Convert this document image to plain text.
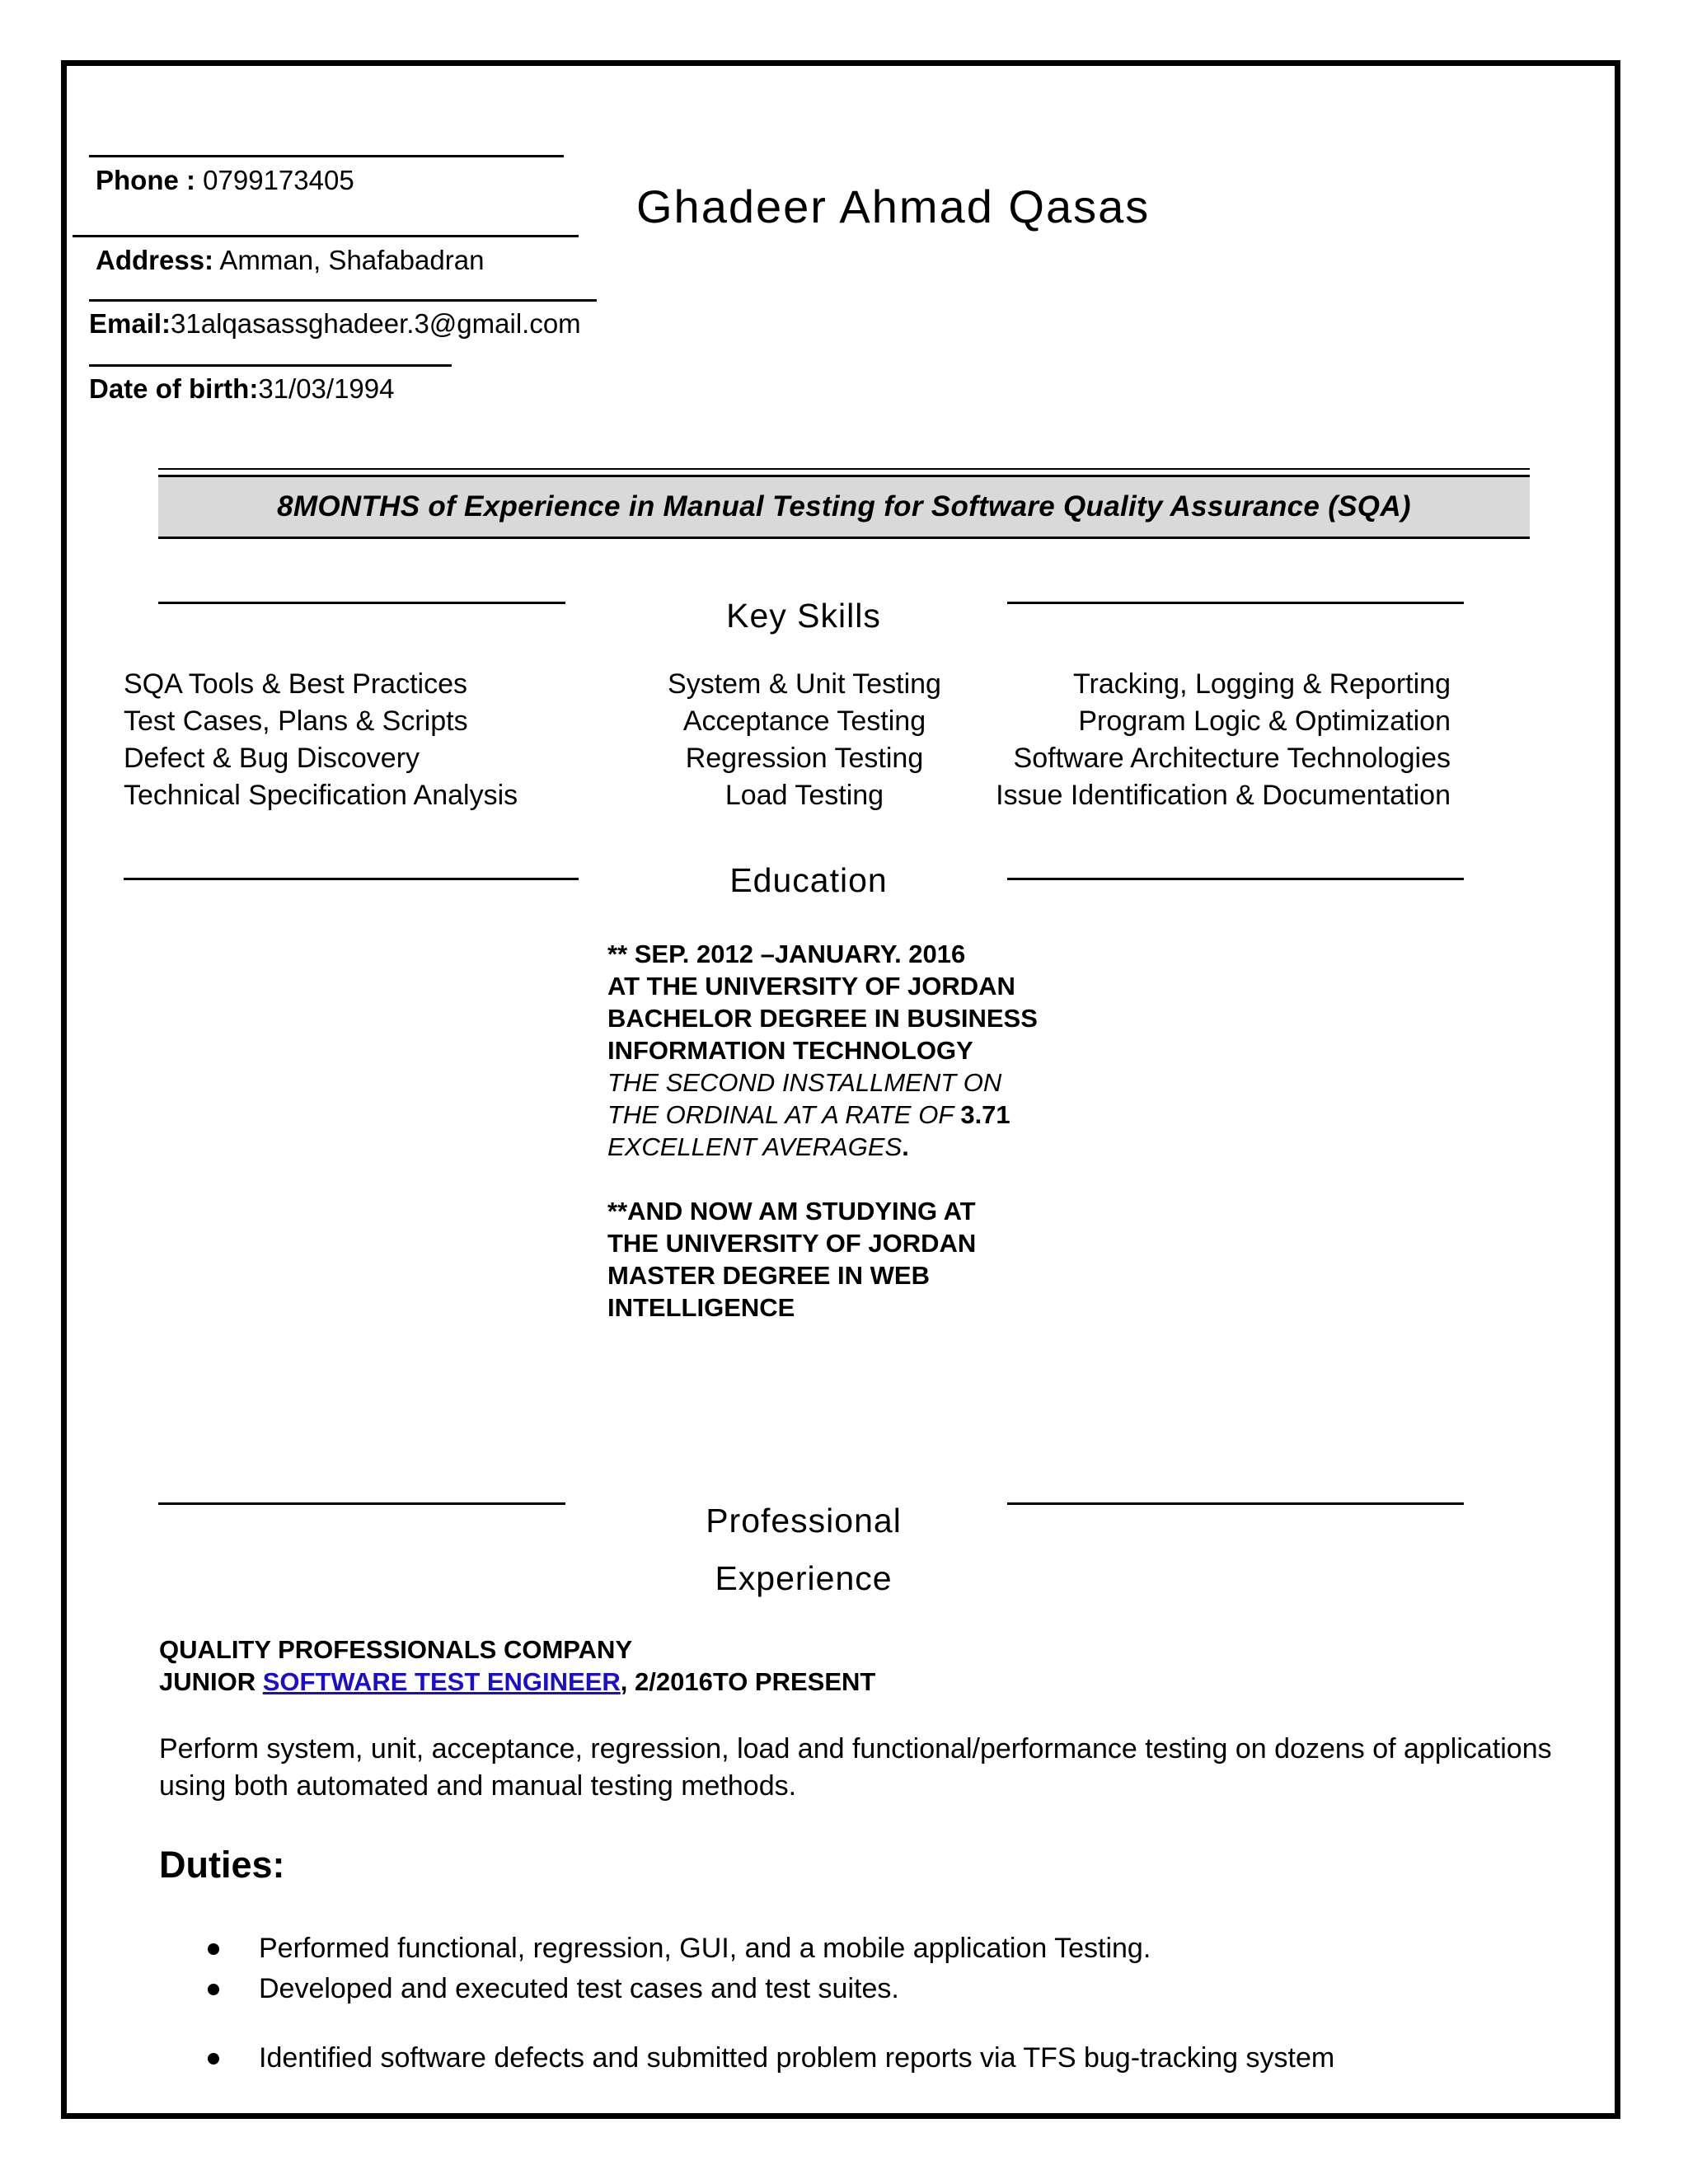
Phone : 0799173405
Address: Amman, Shafabadran
Email:31alqasassghadeer.3@gmail.com
Date of birth:31/03/1994
Ghadeer Ahmad Qasas
8MONTHS of Experience in Manual Testing for Software Quality Assurance (SQA)
Key Skills
SQA Tools & Best Practices
Test Cases, Plans & Scripts
Defect & Bug Discovery
Technical Specification Analysis
System & Unit Testing
Acceptance Testing
Regression Testing
Load Testing
Tracking, Logging & Reporting
Program Logic & Optimization
Software Architecture Technologies
Issue Identification & Documentation
Education
** SEP. 2012 –JANUARY. 2016
AT THE UNIVERSITY OF JORDAN
BACHELOR DEGREE IN BUSINESS
INFORMATION TECHNOLOGY
THE SECOND INSTALLMENT ON
THE ORDINAL AT A RATE OF 3.71
EXCELLENT AVERAGES.
**AND NOW AM STUDYING AT
THE UNIVERSITY OF JORDAN
MASTER DEGREE IN WEB
INTELLIGENCE
Professional
Experience
QUALITY PROFESSIONALS COMPANY
JUNIOR SOFTWARE TEST ENGINEER, 2/2016TO PRESENT
Perform system, unit, acceptance, regression, load and functional/performance testing on dozens of applications using both automated and manual testing methods.
Duties:
Performed functional, regression, GUI, and a mobile application Testing.
Developed and executed test cases and test suites.
Identified software defects and submitted problem reports via TFS bug-tracking system
